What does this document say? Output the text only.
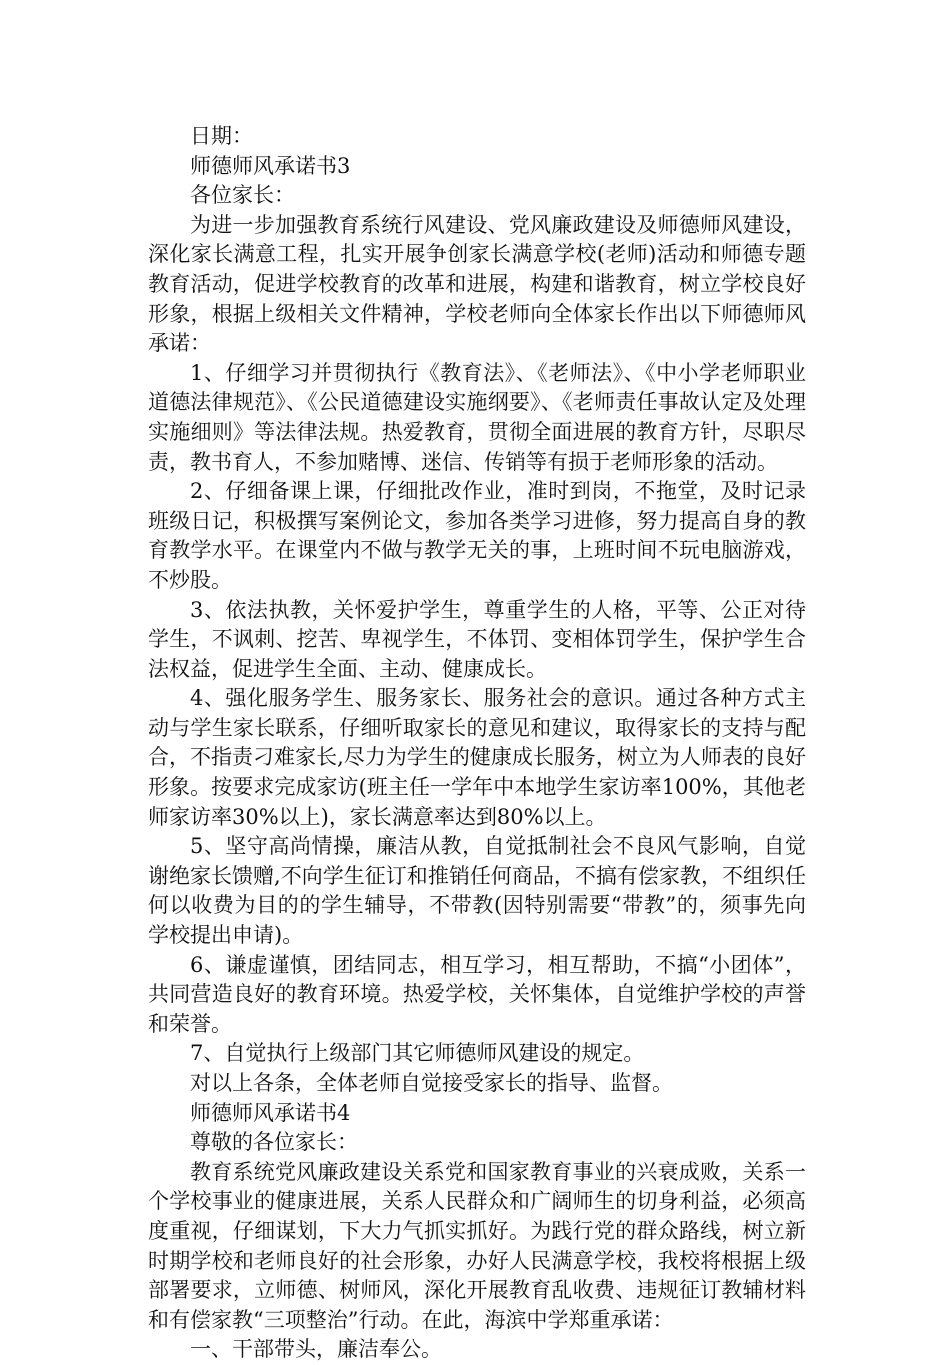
日期：

师德师风承诺书3

各位家长：

为进一步加强教育系统行风建设、党风廉政建设及师德师风建设，深化家长满意工程，扎实开展争创家长满意学校(老师)活动和师德专题教育活动，促进学校教育的改革和进展，构建和谐教育，树立学校良好形象，根据上级相关文件精神，学校老师向全体家长作出以下师德师风承诺：

1、仔细学习并贯彻执行《教育法》、《老师法》、《中小学老师职业道德法律规范》、《公民道德建设实施纲要》、《老师责任事故认定及处理实施细则》等法律法规。热爱教育，贯彻全面进展的教育方针，尽职尽责，教书育人，不参加赌博、迷信、传销等有损于老师形象的活动。

2、仔细备课上课，仔细批改作业，准时到岗，不拖堂，及时记录班级日记，积极撰写案例论文，参加各类学习进修，努力提高自身的教育教学水平。在课堂内不做与教学无关的事，上班时间不玩电脑游戏，不炒股。

3、依法执教，关怀爱护学生，尊重学生的人格，平等、公正对待学生，不讽刺、挖苦、卑视学生，不体罚、变相体罚学生，保护学生合法权益，促进学生全面、主动、健康成长。

4、强化服务学生、服务家长、服务社会的意识。通过各种方式主动与学生家长联系，仔细听取家长的意见和建议，取得家长的支持与配合，不指责刁难家长,尽力为学生的健康成长服务，树立为人师表的良好形象。按要求完成家访(班主任一学年中本地学生家访率100%，其他老师家访率30%以上)，家长满意率达到80%以上。

5、坚守高尚情操，廉洁从教，自觉抵制社会不良风气影响，自觉谢绝家长馈赠,不向学生征订和推销任何商品，不搞有偿家教，不组织任何以收费为目的的学生辅导，不带教(因特别需要“带教”的，须事先向学校提出申请)。

6、谦虚谨慎，团结同志，相互学习，相互帮助，不搞“小团体”，共同营造良好的教育环境。热爱学校，关怀集体，自觉维护学校的声誉和荣誉。

7、自觉执行上级部门其它师德师风建设的规定。

对以上各条，全体老师自觉接受家长的指导、监督。

师德师风承诺书4

尊敬的各位家长：

教育系统党风廉政建设关系党和国家教育事业的兴衰成败，关系一个学校事业的健康进展，关系人民群众和广阔师生的切身利益，必须高度重视，仔细谋划，下大力气抓实抓好。为践行党的群众路线，树立新时期学校和老师良好的社会形象，办好人民满意学校，我校将根据上级部署要求，立师德、树师风，深化开展教育乱收费、违规征订教辅材料和有偿家教“三项整治”行动。在此，海滨中学郑重承诺：

一、干部带头，廉洁奉公。
